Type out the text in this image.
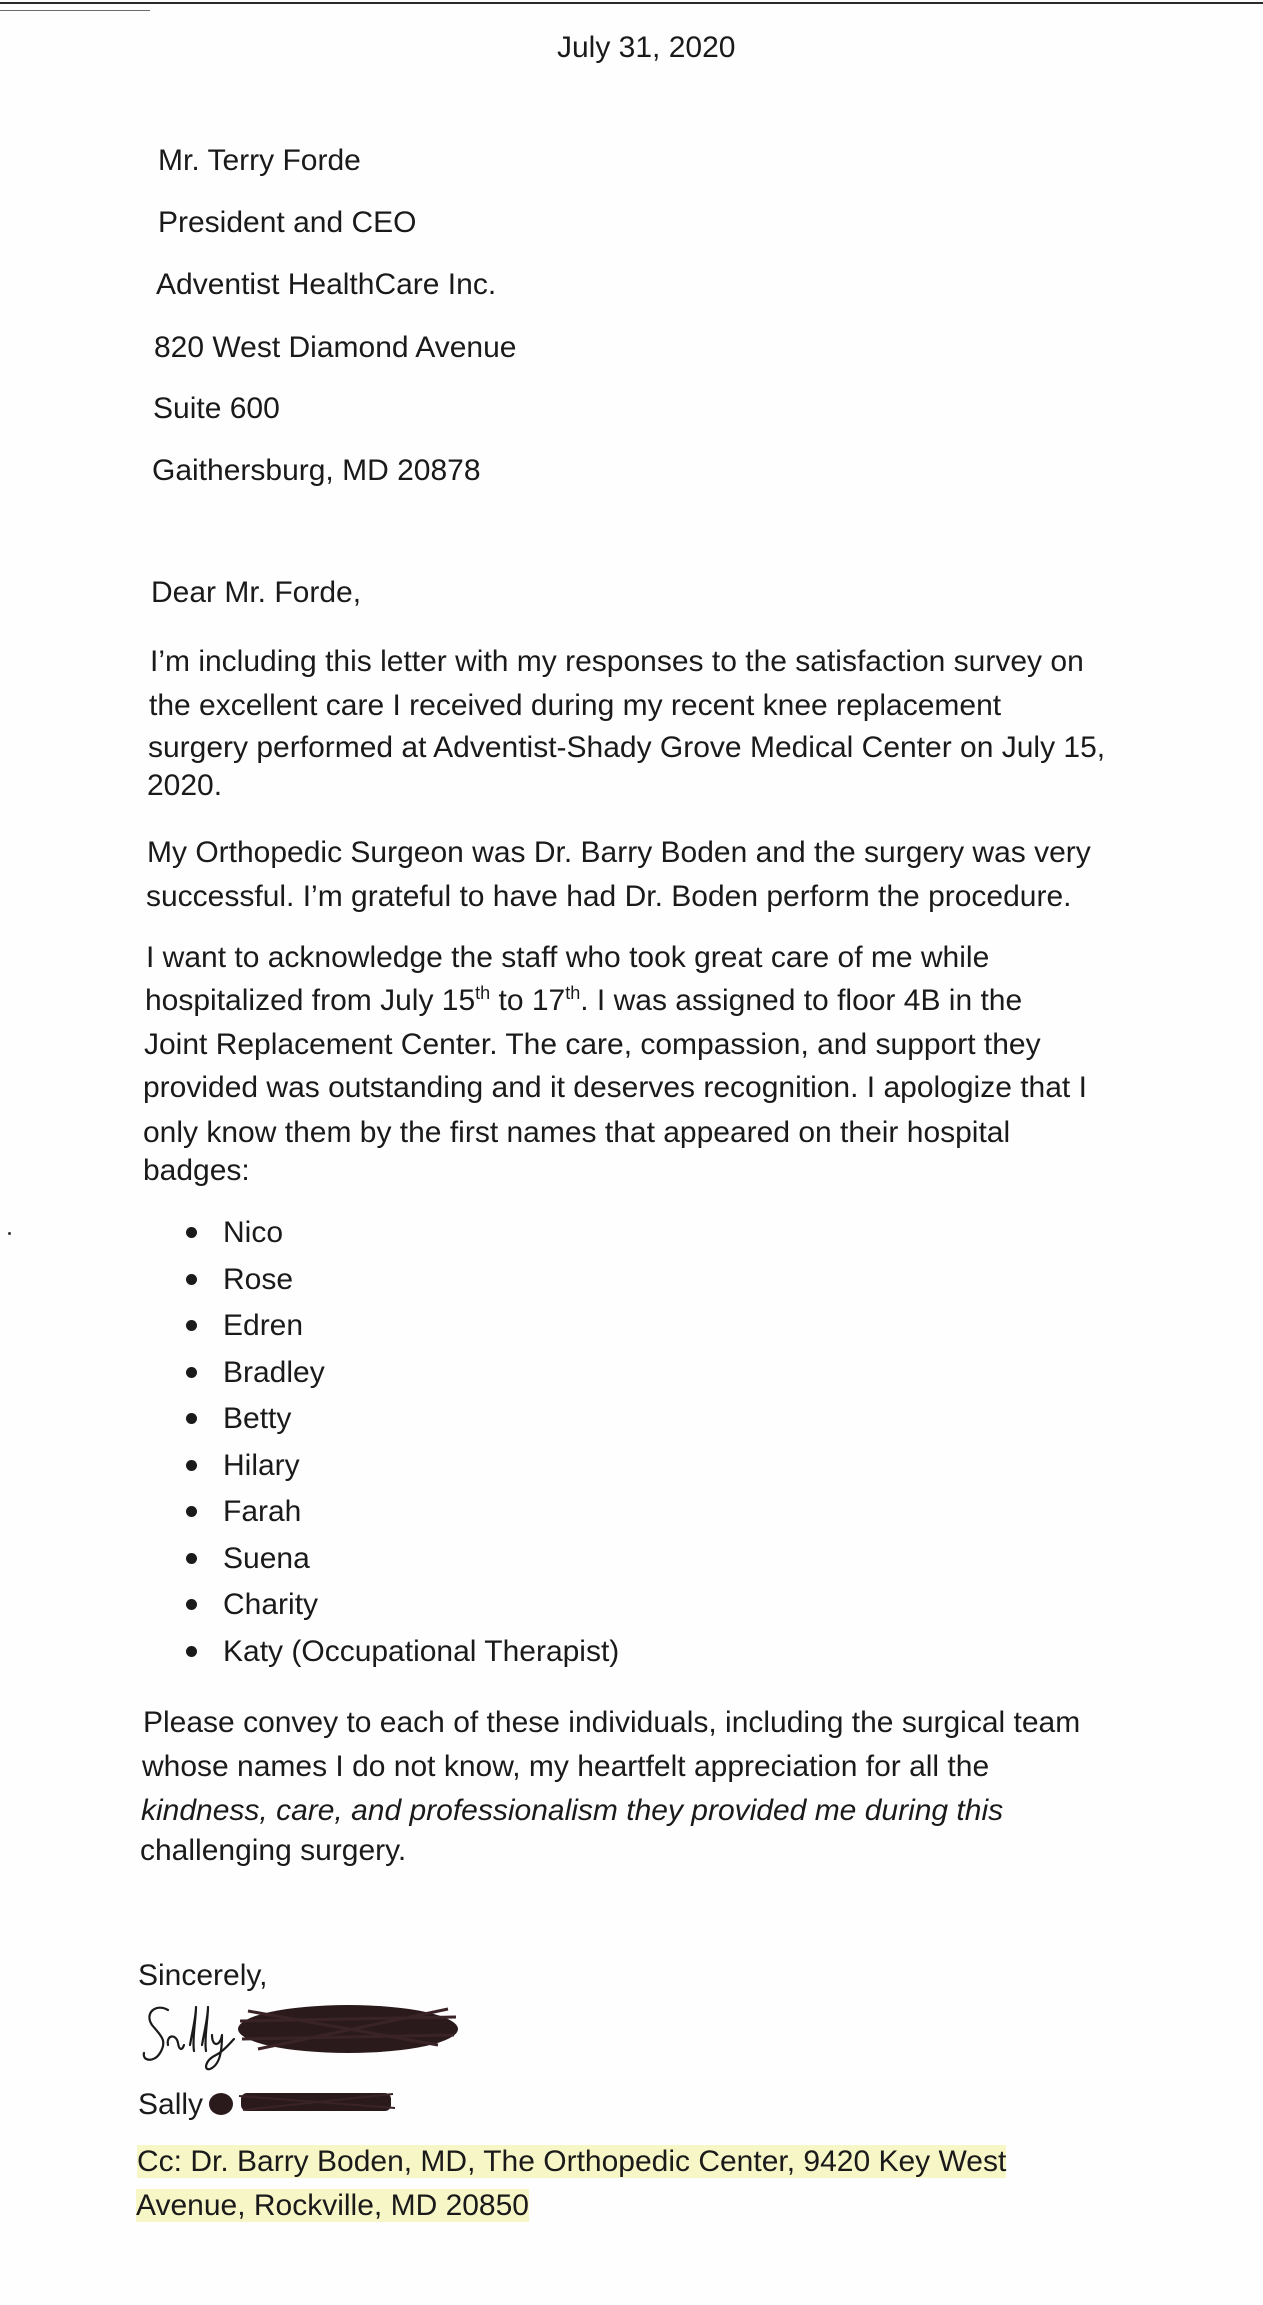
July 31, 2020
Mr. Terry Forde
President and CEO
Adventist HealthCare Inc.
820 West Diamond Avenue
Suite 600
Gaithersburg, MD 20878
Dear Mr. Forde,
I’m including this letter with my responses to the satisfaction survey on
the excellent care I received during my recent knee replacement
surgery performed at Adventist-Shady Grove Medical Center on July 15,
2020.
My Orthopedic Surgeon was Dr. Barry Boden and the surgery was very
successful. I’m grateful to have had Dr. Boden perform the procedure.
I want to acknowledge the staff who took great care of me while
hospitalized from July 15th to 17th. I was assigned to floor 4B in the
Joint Replacement Center. The care, compassion, and support they
provided was outstanding and it deserves recognition. I apologize that I
only know them by the first names that appeared on their hospital
badges:
Nico
Rose
Edren
Bradley
Betty
Hilary
Farah
Suena
Charity
Katy (Occupational Therapist)
Please convey to each of these individuals, including the surgical team
whose names I do not know, my heartfelt appreciation for all the
kindness, care, and professionalism they provided me during this
challenging surgery.
Sincerely,
Sally
Cc: Dr. Barry Boden, MD, The Orthopedic Center, 9420 Key West
Avenue, Rockville, MD 20850
